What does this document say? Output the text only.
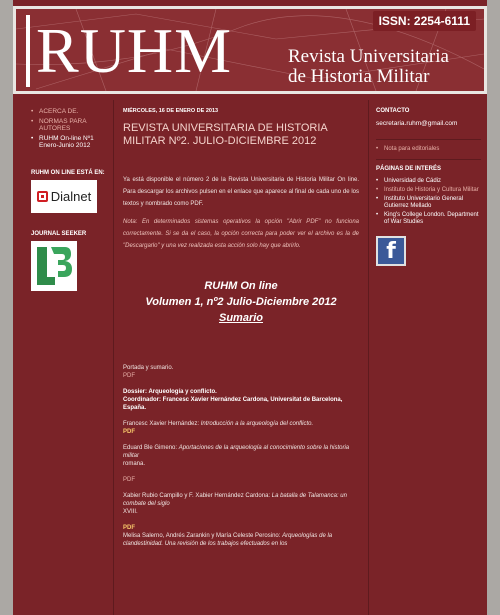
RUHM	Revista Universitaria
de Historia Militar
ISSN: 2254-6111
• ACERCA DE.
• NORMAS PARA AUTORES
• RUHM On-line Nº1 Enero-Junio 2012
RUHM ON LINE ESTÁ EN:
Dialnet
JOURNAL SEEKER
MIÉRCOLES, 16 DE ENERO DE 2013
REVISTA UNIVERSITARIA DE HISTORIA MILITAR Nº2. JULIO-DICIEMBRE 2012

Ya está disponible el número 2 de la Revista Universitaria de Historia Militar On line. Para descargar los archivos pulsen en el enlace que aparece al final de cada uno de los textos y nombrado como PDF.

Nota: En determinados sistemas operativos la opción "Abrir PDF" no funciona correctamente. Si se da el caso, la opción correcta para poder ver el archivo es la de "Descargarlo" y una vez realizada esta acción solo hay que abrirlo.

RUHM On line
Volumen 1, nº2 Julio-Diciembre 2012
Sumario

Portada y sumario.

PDF

Dossier: Arqueología y conflicto.

Coordinador: Francesc Xavier Hernández Cardona, Universitat de Barcelona, España.

Francesc Xavier Hernández: Introducción a la arqueología del conflicto.

PDF

Eduard Ble Gimeno: Aportaciones de la arqueología al conocimiento sobre la historia militar

romana.

PDF

Xabier Rubio Campillo y F. Xabier Hernández Cardona: La batalla de Talamanca: un combate del siglo

XVIII.

PDF

Melisa Salerno, Andrés Zarankin y María Celeste Perosino: Arqueologías de la clandestinidad. Una revisión de los trabajos efectuados en los

CONTACTO
secretaria.ruhm@gmail.com
• Nota para editoriales
PÁGINAS DE INTERÉS
• Universidad de Cádiz
• Instituto de Historia y Cultura Militar
• Instituto Universitario General Gutierrez Mellado
• King's College London. Department of War Studies
f
